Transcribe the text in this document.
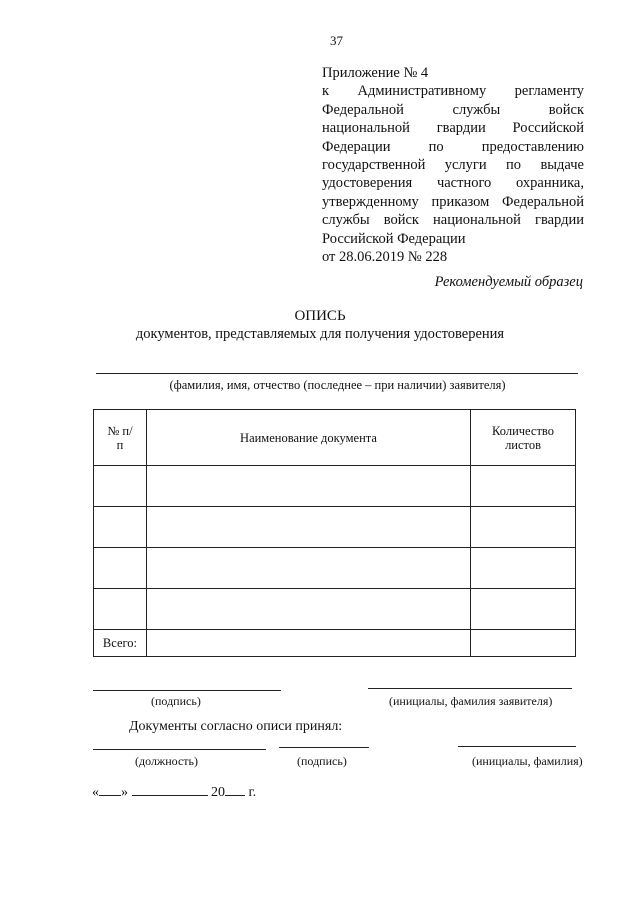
37
Приложение № 4
к Административному регламенту
Федеральной службы войск
национальной гвардии Российской
Федерации по предоставлению
государственной услуги по выдаче
удостоверения частного охранника,
утвержденному приказом Федеральной
службы войск национальной гвардии
Российской Федерации
от 28.06.2019 № 228
Рекомендуемый образец
ОПИСЬ
документов, представляемых для получения удостоверения
(фамилия, имя, отчество (последнее – при наличии) заявителя)
№ п/п	Наименование документа	Количество листов

Всего:		
(подпись)	(инициалы, фамилия заявителя)
Документы согласно описи принял:
(должность)	(подпись)	(инициалы, фамилия)
« »	20 г.
